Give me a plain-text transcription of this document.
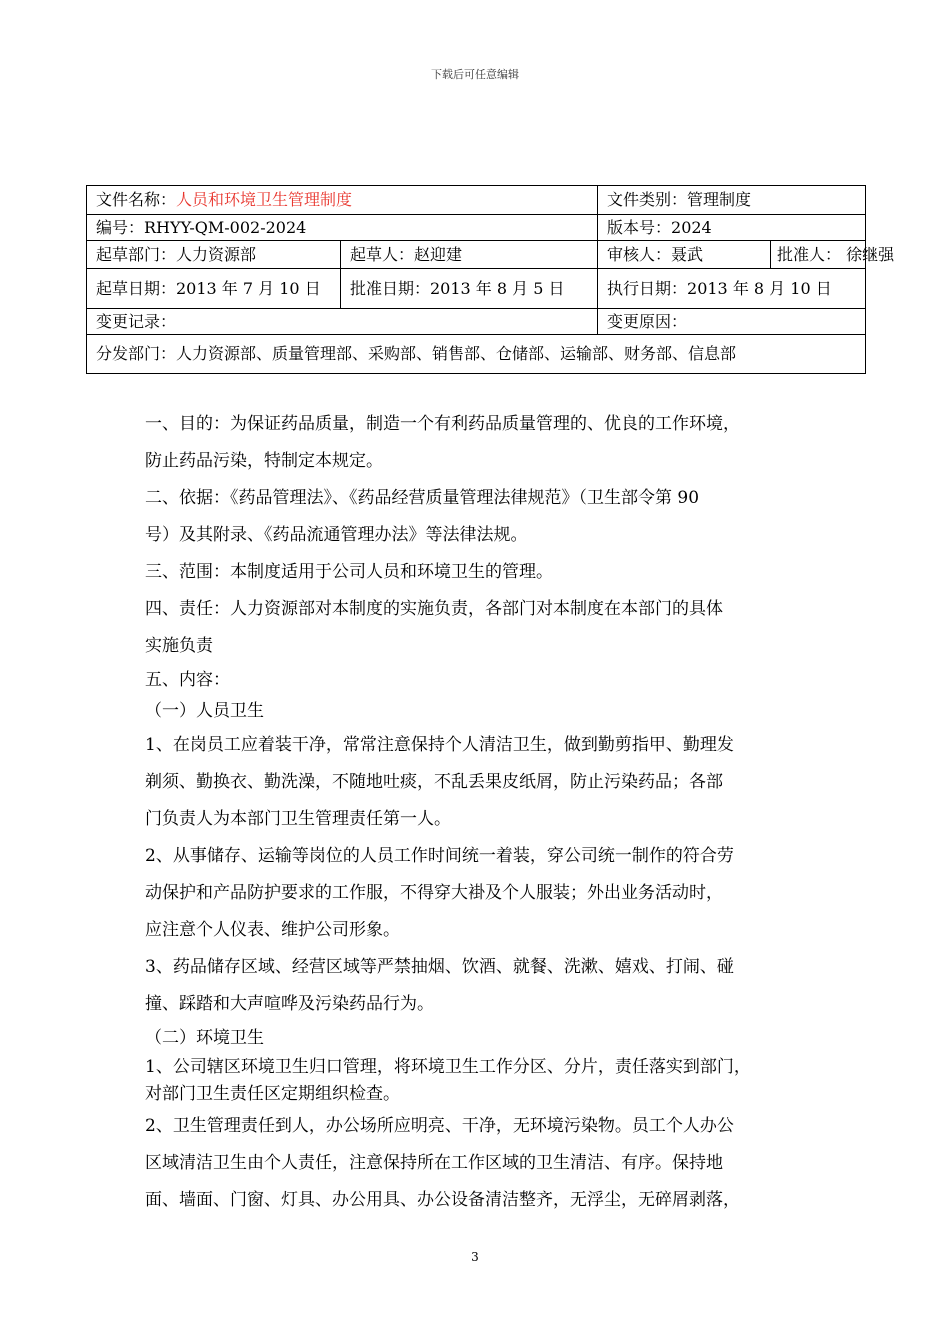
下载后可任意编辑
文件名称：人员和环境卫生管理制度		文件类别：管理制度	
编号：RHYY-QM-002-2024		版本号：2024	
起草部门：人力资源部	起草人：赵迎建	审核人：聂武	批准人： 徐继强
起草日期：2013 年 7 月 10 日	批准日期：2013 年 8 月 5 日	执行日期：2013 年 8 月 10 日	
变更记录：		变更原因：	
分发部门：人力资源部、质量管理部、采购部、销售部、仓储部、运输部、财务部、信息部			

一、目的：为保证药品质量，制造一个有利药品质量管理的、优良的工作环境，

防止药品污染，特制定本规定。

二、依据：《药品管理法》、《药品经营质量管理法律规范》（卫生部令第 90

号）及其附录、《药品流通管理办法》等法律法规。

三、范围：本制度适用于公司人员和环境卫生的管理。

四、责任：人力资源部对本制度的实施负责，各部门对本制度在本部门的具体

实施负责

五、内容：

（一）人员卫生

1、在岗员工应着装干净，常常注意保持个人清洁卫生，做到勤剪指甲、勤理发

剃须、勤换衣、勤洗澡，不随地吐痰，不乱丢果皮纸屑，防止污染药品；各部

门负责人为本部门卫生管理责任第一人。

2、从事储存、运输等岗位的人员工作时间统一着装，穿公司统一制作的符合劳

动保护和产品防护要求的工作服，不得穿大褂及个人服装；外出业务活动时，

应注意个人仪表、维护公司形象。

3、药品储存区域、经营区域等严禁抽烟、饮酒、就餐、洗漱、嬉戏、打闹、碰

撞、踩踏和大声喧哗及污染药品行为。

（二）环境卫生

1、公司辖区环境卫生归口管理，将环境卫生工作分区、分片，责任落实到部门，

对部门卫生责任区定期组织检查。

2、卫生管理责任到人，办公场所应明亮、干净，无环境污染物。员工个人办公

区域清洁卫生由个人责任，注意保持所在工作区域的卫生清洁、有序。保持地

面、墙面、门窗、灯具、办公用具、办公设备清洁整齐，无浮尘，无碎屑剥落，

3
